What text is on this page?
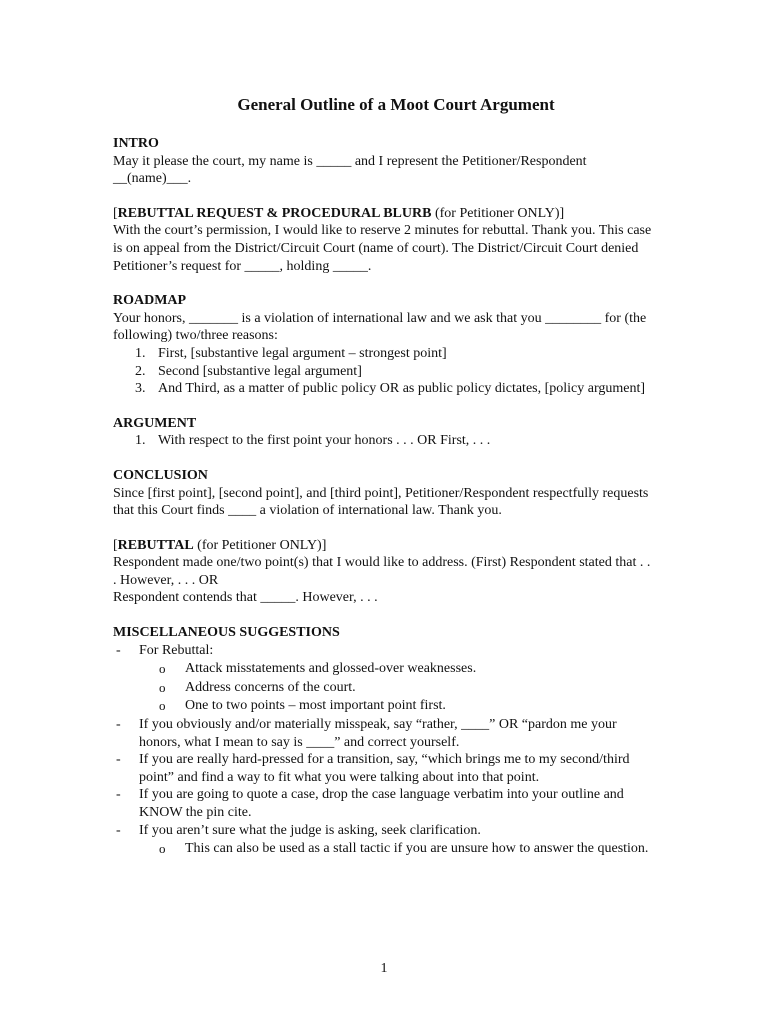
General Outline of a Moot Court Argument

INTRO

May it please the court, my name is _____ and I represent the Petitioner/Respondent __(name)___.

[REBUTTAL REQUEST & PROCEDURAL BLURB (for Petitioner ONLY)]

With the court’s permission, I would like to reserve 2 minutes for rebuttal. Thank you. This case is on appeal from the District/Circuit Court (name of court). The District/Circuit Court denied Petitioner’s request for _____, holding _____.

ROADMAP

Your honors, _______ is a violation of international law and we ask that you ________ for (the following) two/three reasons:

1. First, [substantive legal argument – strongest point]
2. Second [substantive legal argument]
3. And Third, as a matter of public policy OR as public policy dictates, [policy argument]

ARGUMENT

1. With respect to the first point your honors . . . OR First, . . .

CONCLUSION

Since [first point], [second point], and [third point], Petitioner/Respondent respectfully requests that this Court finds ____ a violation of international law. Thank you.

[REBUTTAL (for Petitioner ONLY)]

Respondent made one/two point(s) that I would like to address. (First) Respondent stated that . . . However, . . . OR

Respondent contends that _____. However, . . .

MISCELLANEOUS SUGGESTIONS

- For Rebuttal:
o Attack misstatements and glossed-over weaknesses.
o Address concerns of the court.
o One to two points – most important point first.
- If you obviously and/or materially misspeak, say “rather, ____” OR “pardon me your honors, what I mean to say is ____” and correct yourself.
- If you are really hard-pressed for a transition, say, “which brings me to my second/third point” and find a way to fit what you were talking about into that point.
- If you are going to quote a case, drop the case language verbatim into your outline and KNOW the pin cite.
- If you aren’t sure what the judge is asking, seek clarification.
o This can also be used as a stall tactic if you are unsure how to answer the question.
1
